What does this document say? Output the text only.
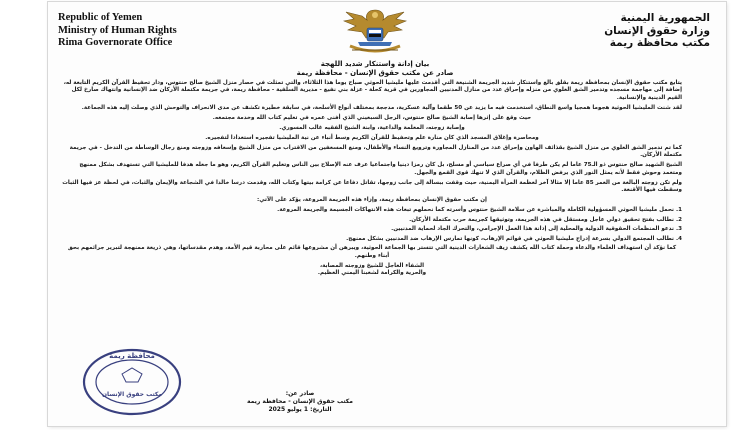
Republic of Yemen
Ministry of Human Rights
Rima Governorate Office
الجمهورية اليمنية
وزارة حقوق الإنسان
مكتب محافظة ريمة
بيان إدانة واستنكار شديد اللهجة
صادر عن مكتب حقوق الإنسان - محافظة ريمة

يتابع مكتب حقوق الإنسان بمحافظة ريمة بقلق بالغ واستنكار شديد الجريمة الشنيعة التي أقدمت عليها مليشيا الحوثي صباح يوما هذا الثلاثاء، والتي تمثلت في حصار منزل الشيخ صالح حنتوس، ودار تحفيظ القرآن الكريم التابعة له، إضافة إلى مهاجمة مسجده وتدمير الشق العلوي من منزله وإحراق عدد من منازل المدنيين المجاورين في قرية كحلة - عزلة بني نفيع - مديرية السلفية - محافظة ريمة، في جريمة مكتملة الأركان ضد الإنسانية وانتهاك صارخ لكل القيم الدينية والإنسانية.

لقد شنت المليشيا الحوثية هجوما همجيا واسع النطاق، استخدمت فيه ما يزيد عن 50 طقما وآلية عسكرية، مدججة بمختلف أنواع الأسلحة، في سابقة خطيرة تكشف عن مدى الانحراف والتوحش الذي وصلت إليه هذه الجماعة.

حيث وقع على إثرها إصابة الشيخ صالح حنتوس، الرجل السبعيني الذي أفنى عمره في تعليم كتاب الله وخدمة مجتمعه.

وإصابة زوجته، المعلمة والداعية، وابنة الشيخ الفقيه غالب المسوري.

ومحاصرة وإغلاق المسجد الذي كان منارة علم وتحفيظ للقرآن الكريم وسط أنباء عن نية المليشيا تفجيره استعدادا لتفجيره.

كما تم تدمير الشق العلوي من منزل الشيخ بقذائف الهاون وإحراق عدد من المنازل المجاورة وترويع النساء والأطفال، ومنع المسعفين من الاقتراب من منزل الشيخ وإسعافه وزوجته ومنع رجال الوساطة من التدخل - في جريمة مكتملة الأركان.

الشيخ الشهيد صالح حنتوس ذو الـ75 عاما لم يكن طرفا في أي صراع سياسي أو مسلح، بل كان رمزا دينيا واجتماعيا عرف عنه الإصلاح بين الناس وتعليم القرآن الكريم، وهو ما جعله هدفا للمليشيا التي تستهدف بشكل ممنهج ومتعمد وحوش فقط لأنه يمثل النور الذي يرفض الظلام، والقرآن الذي لا تنهك قوى القمع والجهل.

ولم تكن زوجته البالغة من العمر 85 عاما إلا مثالا آخر لعظمة المرأة اليمنية، حيث وقفت ببسالة إلى جانب زوجها، تقاتل دفاعا عن كرامة بيتها وكتاب الله، وقدمت درسا خالدا في الشجاعة والإيمان والثبات، في لحظة عز فيها الثبات وسقطت فيها الأقنعة.

إن مكتب حقوق الإنسان بمحافظة ريمة، وإزاء هذه الجريمة المروعة، يؤكد على الآتي:

1. نحمل مليشيا الحوثي المسؤولية الكاملة والمباشرة عن سلامة الشيخ حنتوس وأسرته كما نحملهم تبعات هذه الانتهاكات الجسيمة والجريمة المروعة.

2. نطالب بفتح تحقيق دولي عاجل ومستقل في هذه الجريمة، وتوثيقها كجريمة حرب مكتملة الأركان.

3. ندعو المنظمات الحقوقية الدولية والمحلية إلى إدانة هذا العمل الإجرامي، والتحرك الجاد لحماية المدنيين.

4. نطالب المجتمع الدولي بسرعة إدراج مليشيا الحوثي في قوائم الإرهاب، كونها تمارس الإرهاب ضد المدنيين بشكل ممنهج.

كما نؤكد أن استهداف العلماء والدعاة وحملة كتاب الله يكشف زيف الشعارات الدينية التي تتستر بها الجماعة الحوثية، ويبرهن أن مشروعها قائم على محاربة قيم الأمة، وهدم مقدساتها، وهي ذريعة ممنهجة لتبرير جرائمهم بحق أبناء وطنهم.

الشفاء العاجل للشيخ وزوجته المصابة،

والحرية والكرامة لشعبنا اليمني العظيم.

محافظة ريمة
مكتب حقوق الإنسان	صادر عن:
مكتب حقوق الإنسان - محافظة ريمة
التاريخ: 1 يوليو 2025
